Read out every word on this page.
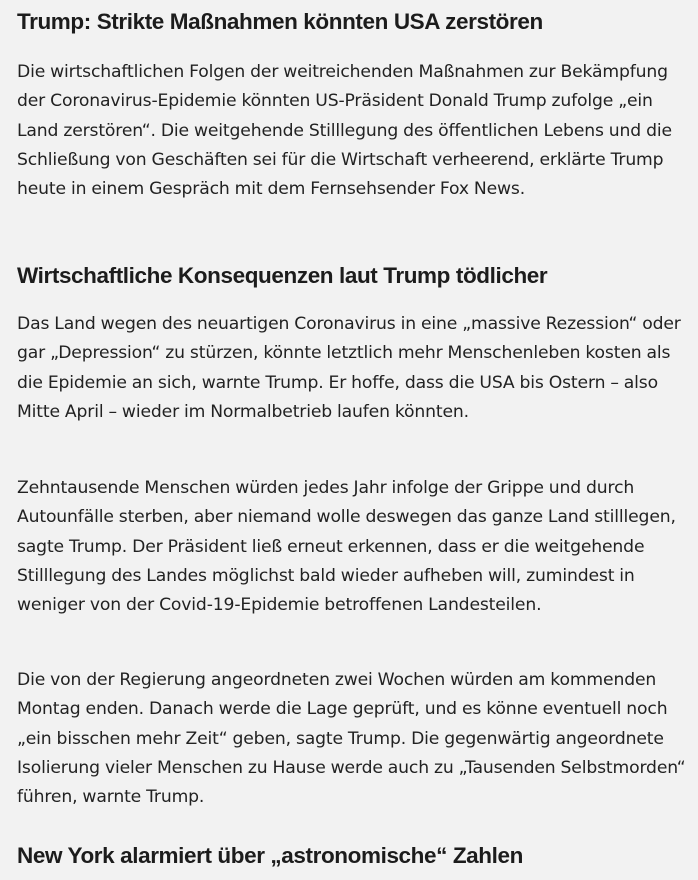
Trump: Strikte Maßnahmen könnten USA zerstören

Die wirtschaftlichen Folgen der weitreichenden Maßnahmen zur Bekämpfung der Coronavirus-Epidemie könnten US-Präsident Donald Trump zufolge „ein Land zerstören“. Die weitgehende Stilllegung des öffentlichen Lebens und die Schließung von Geschäften sei für die Wirtschaft verheerend, erklärte Trump heute in einem Gespräch mit dem Fernsehsender Fox News.

Wirtschaftliche Konsequenzen laut Trump tödlicher

Das Land wegen des neuartigen Coronavirus in eine „massive Rezession“ oder gar „Depression“ zu stürzen, könnte letztlich mehr Menschenleben kosten als die Epidemie an sich, warnte Trump. Er hoffe, dass die USA bis Ostern – also Mitte April – wieder im Normalbetrieb laufen könnten.

Zehntausende Menschen würden jedes Jahr infolge der Grippe und durch Autounfälle sterben, aber niemand wolle deswegen das ganze Land stilllegen, sagte Trump. Der Präsident ließ erneut erkennen, dass er die weitgehende Stilllegung des Landes möglichst bald wieder aufheben will, zumindest in weniger von der Covid-19-Epidemie betroffenen Landesteilen.

Die von der Regierung angeordneten zwei Wochen würden am kommenden Montag enden. Danach werde die Lage geprüft, und es könne eventuell noch „ein bisschen mehr Zeit“ geben, sagte Trump. Die gegenwärtig angeordnete Isolierung vieler Menschen zu Hause werde auch zu „Tausenden Selbstmorden“ führen, warnte Trump.

New York alarmiert über „astronomische“ Zahlen
